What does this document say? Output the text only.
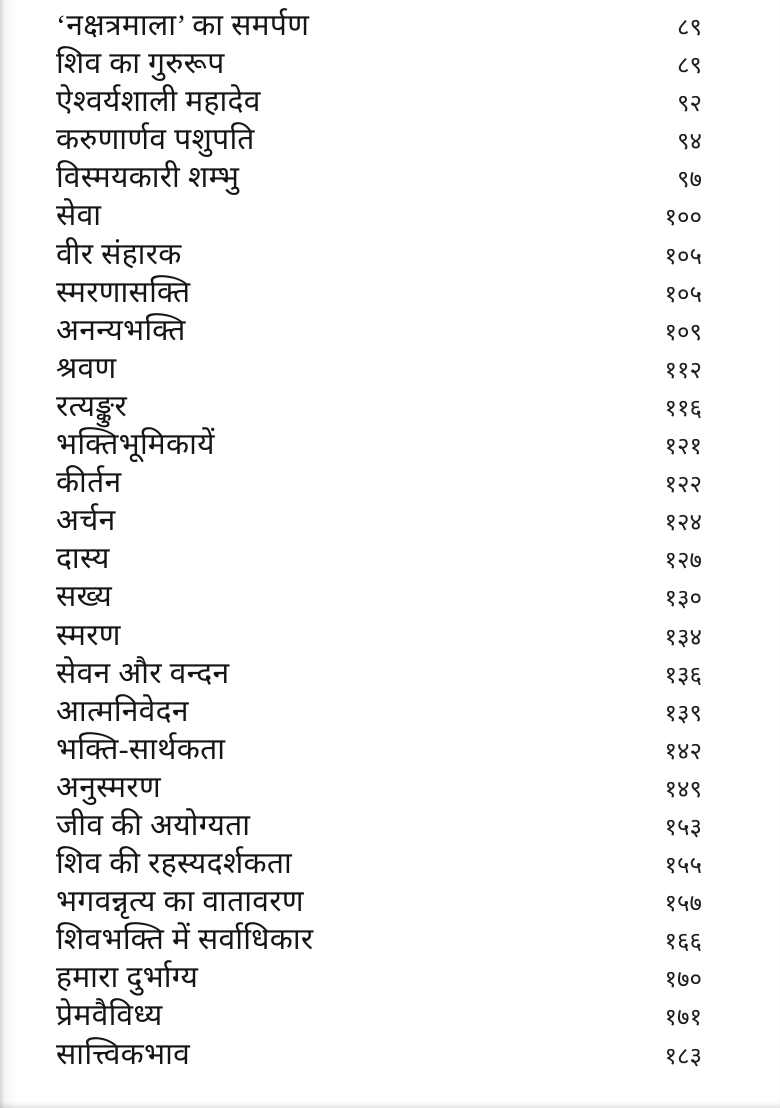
‘नक्षत्रमाला’ का समर्पण	८९
शिव का गुरुरूप	८९
ऐश्वर्यशाली महादेव	९२
करुणार्णव पशुपति	९४
विस्मयकारी शम्भु	९७
सेवा	१००
वीर संहारक	१०५
स्मरणासक्ति	१०५
अनन्यभक्ति	१०९
श्रवण	११२
रत्यङ्कुर	११६
भक्तिभूमिकायें	१२१
कीर्तन	१२२
अर्चन	१२४
दास्य	१२७
सख्य	१३०
स्मरण	१३४
सेवन और वन्दन	१३६
आत्मनिवेदन	१३९
भक्ति-सार्थकता	१४२
अनुस्मरण	१४९
जीव की अयोग्यता	१५३
शिव की रहस्यदर्शकता	१५५
भगवन्नृत्य का वातावरण	१५७
शिवभक्ति में सर्वाधिकार	१६६
हमारा दुर्भाग्य	१७०
प्रेमवैविध्य	१७१
सात्त्विकभाव	१८३
